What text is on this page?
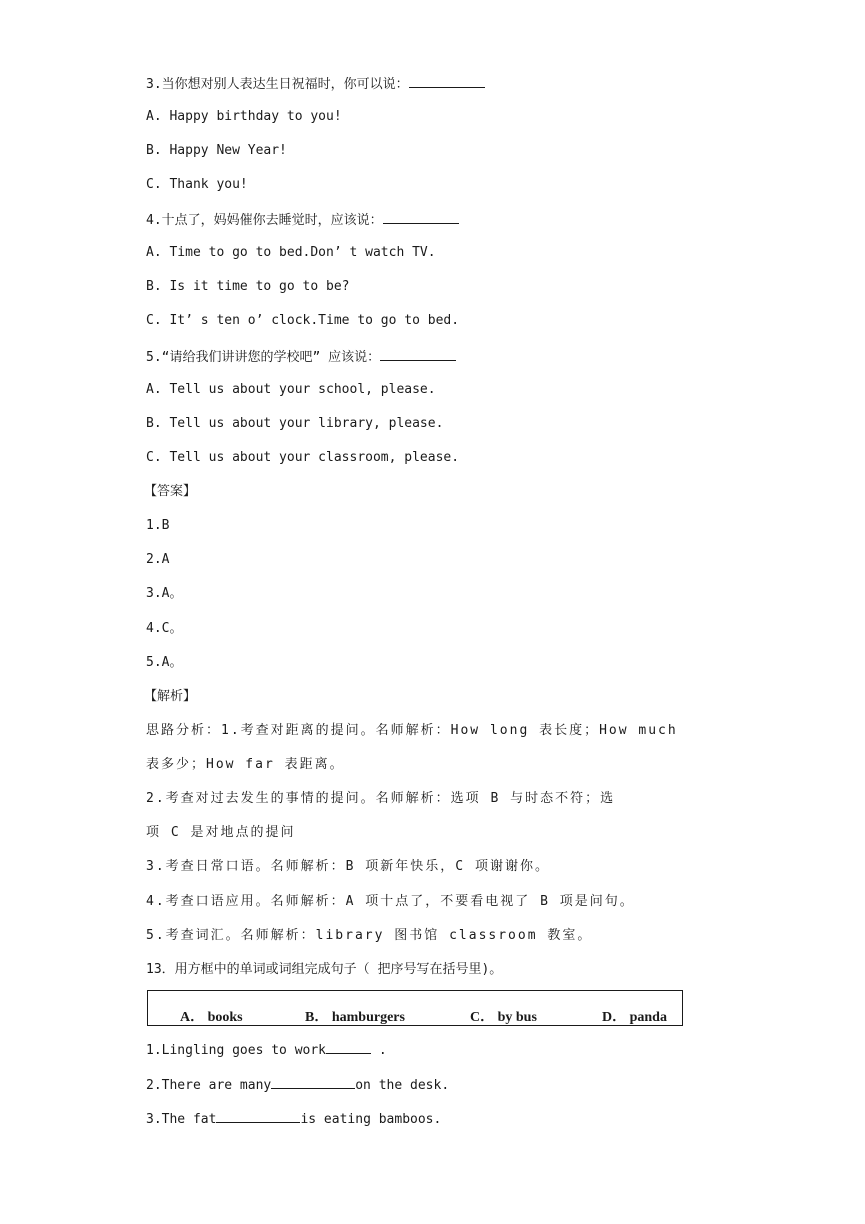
3.当你想对别人表达生日祝福时，你可以说：
A. Happy birthday to you!
B. Happy New Year!
C. Thank you!
4.十点了，妈妈催你去睡觉时，应该说：
A. Time to go to bed.Don’ t watch TV.
B. Is it time to go to be?
C. It’ s ten o’ clock.Time to go to bed.
5.“请给我们讲讲您的学校吧” 应该说：
A. Tell us about your school, please.
B. Tell us about your library, please.
C. Tell us about your classroom, please.
【答案】
1.B
2.A
3.A。
4.C。
5.A。
【解析】
思路分析：1.考查对距离的提问。名师解析：How long 表长度；How much
表多少；How far 表距离。
2.考查对过去发生的事情的提问。名师解析：选项 B 与时态不符；选
项 C 是对地点的提问
3.考查日常口语。名师解析：B 项新年快乐，C 项谢谢你。
4.考查口语应用。名师解析：A 项十点了，不要看电视了 B 项是问句。
5.考查词汇。名师解析：library 图书馆 classroom 教室。
13．用方框中的单词或词组完成句子（ 把序号写在括号里)。
A． books	B． hamburgers	C． by bus	D． panda
1.Lingling goes to work	.
2.There are many	on the desk.
3.The fat	is eating bamboos.
